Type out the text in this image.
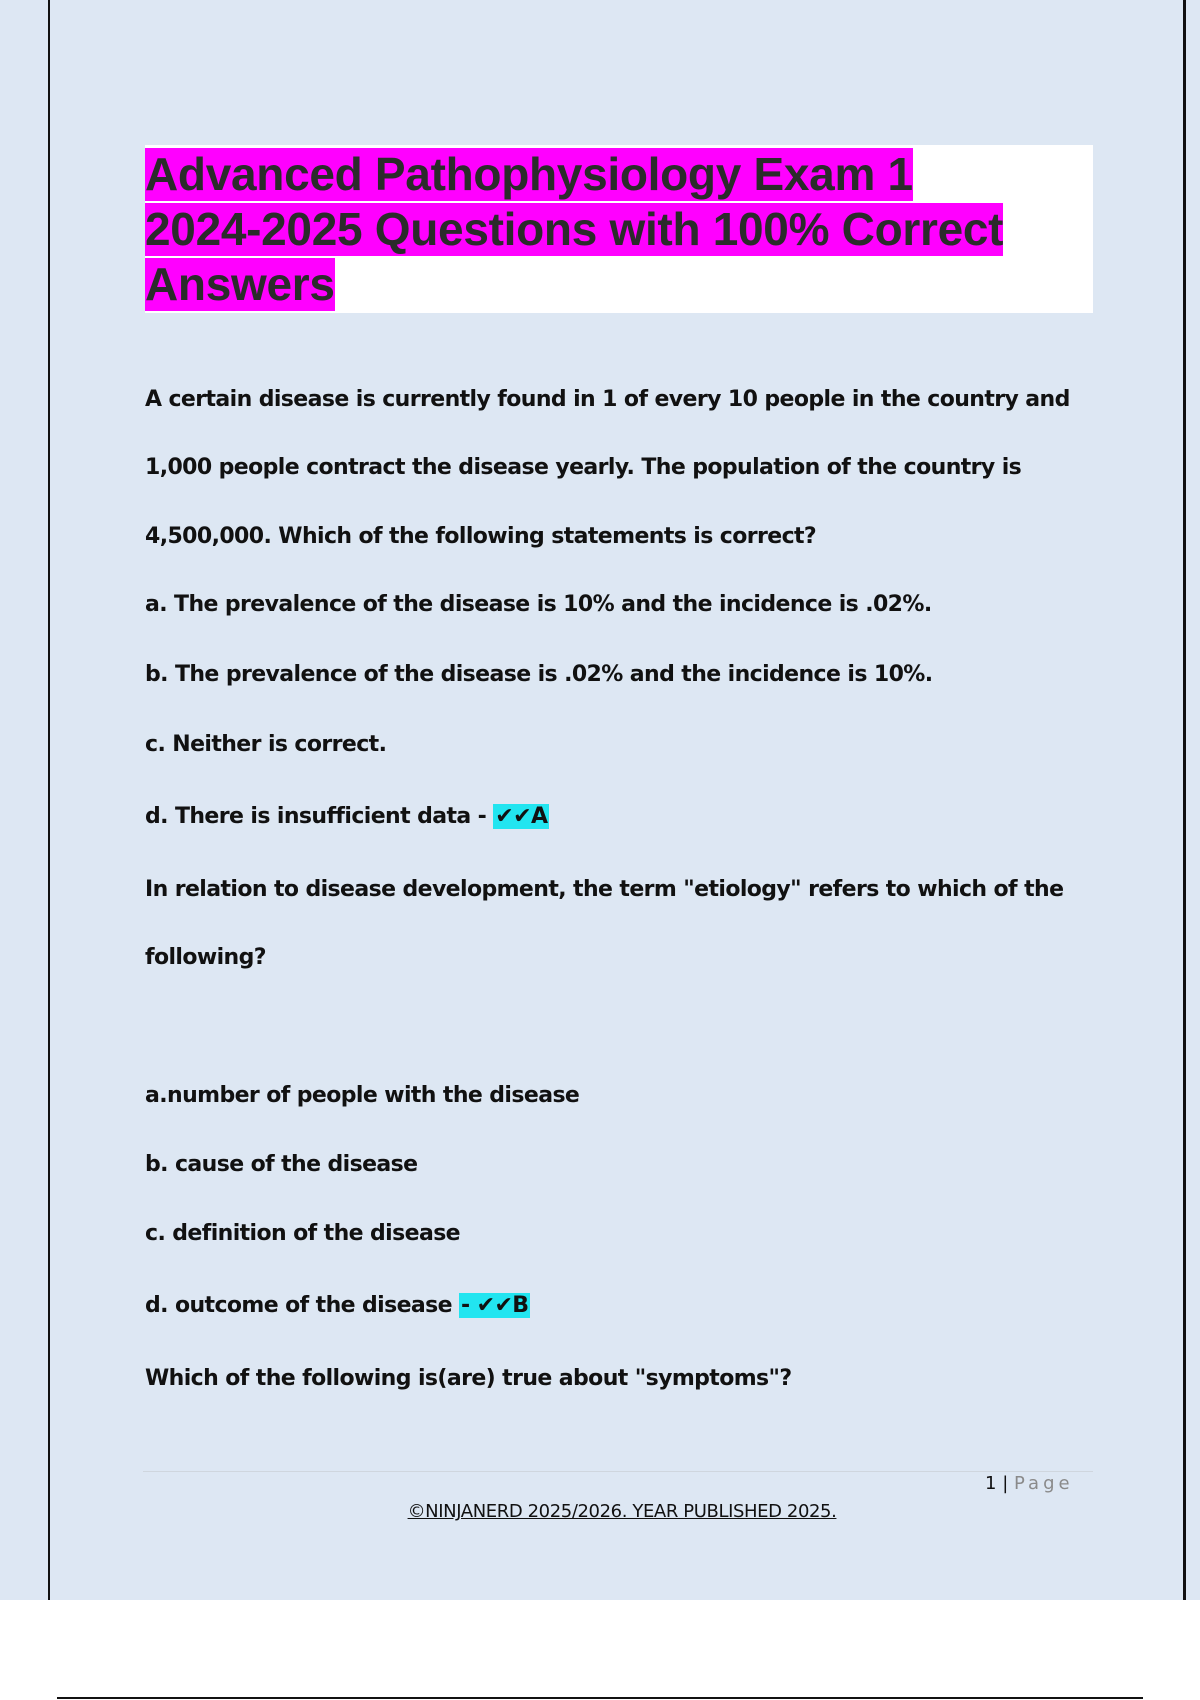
Advanced Pathophysiology Exam 1
2024-2025 Questions with 100% Correct
Answers
A certain disease is currently found in 1 of every 10 people in the country and
1,000 people contract the disease yearly. The population of the country is
4,500,000. Which of the following statements is correct?
a. The prevalence of the disease is 10% and the incidence is .02%.
b. The prevalence of the disease is .02% and the incidence is 10%.
c. Neither is correct.
d. There is insufficient data - ✔✔A
In relation to disease development, the term "etiology" refers to which of the
following?
a.number of people with the disease
b. cause of the disease
c. definition of the disease
d. outcome of the disease - ✔✔B
Which of the following is(are) true about "symptoms"?
1 | Page
©NINJANERD 2025/2026. YEAR PUBLISHED 2025.
